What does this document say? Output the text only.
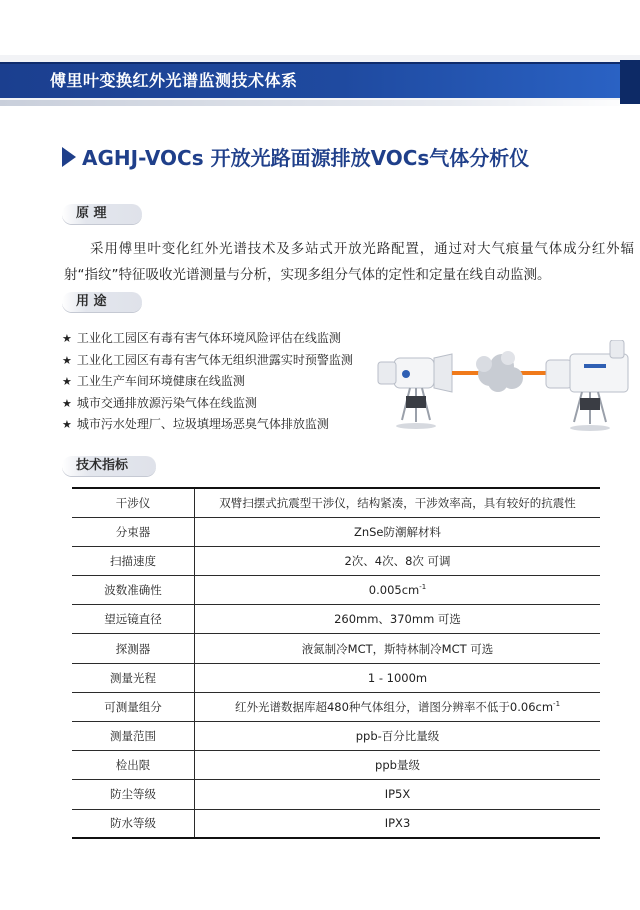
傅里叶变换红外光谱监测技术体系
AGHJ-VOCs 开放光路面源排放VOCs气体分析仪
原 理
采用傅里叶变化红外光谱技术及多站式开放光路配置，通过对大气痕量气体成分红外辐射“指纹”特征吸收光谱测量与分析，实现多组分气体的定性和定量在线自动监测。
用 途
★ 工业化工园区有毒有害气体环境风险评估在线监测
★ 工业化工园区有毒有害气体无组织泄露实时预警监测
★ 工业生产车间环境健康在线监测
★ 城市交通排放源污染气体在线监测
★ 城市污水处理厂、垃圾填埋场恶臭气体排放监测
技术指标
干涉仪	双臂扫摆式抗震型干涉仪，结构紧凑，干涉效率高，具有较好的抗震性
分束器	ZnSe防潮解材料
扫描速度	2次、4次、8次 可调
波数准确性	$0.005cm^{-1}$
望远镜直径	260mm、370mm 可选
探测器	液氮制冷MCT，斯特林制冷MCT 可选
测量光程	1 - 1000m
可测量组分	红外光谱数据库超480种气体组分，谱图分辨率不低于$0.06cm^{-1}$
测量范围	ppb-百分比量级
检出限	ppb量级
防尘等级	IP5X
防水等级	IPX3
